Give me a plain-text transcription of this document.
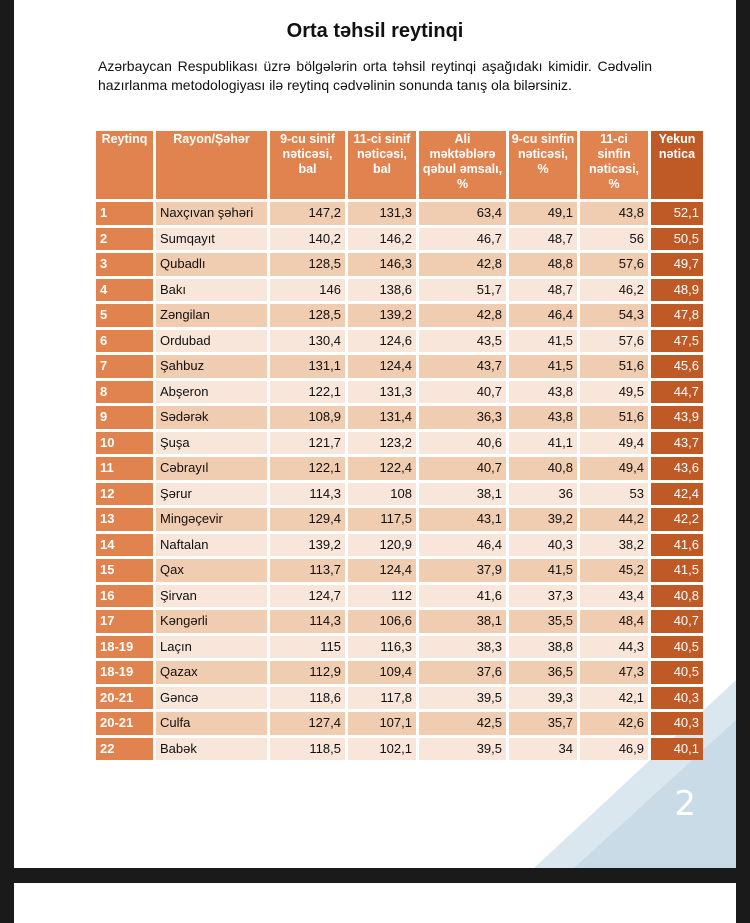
Orta təhsil reytinqi
Azərbaycan Respublikası üzrə bölgələrin orta təhsil reytinqi aşağıdakı kimidir. Cədvəlin hazırlanma metodologiyası ilə reytinq cədvəlinin sonunda tanış ola bilərsiniz.
Reytinq	Rayon/Şəhər	9-cu sinif nəticəsi, bal	11-ci sinif nəticəsi, bal	Ali məktəblərə qəbul əmsalı, %	9-cu sinfin nəticəsi, %	11-ci sinfin nəticəsi, %	Yekun nətica
1	Naxçıvan şəhəri	147,2	131,3	63,4	49,1	43,8	52,1
2	Sumqayıt	140,2	146,2	46,7	48,7	56	50,5
3	Qubadlı	128,5	146,3	42,8	48,8	57,6	49,7
4	Bakı	146	138,6	51,7	48,7	46,2	48,9
5	Zəngilan	128,5	139,2	42,8	46,4	54,3	47,8
6	Ordubad	130,4	124,6	43,5	41,5	57,6	47,5
7	Şahbuz	131,1	124,4	43,7	41,5	51,6	45,6
8	Abşeron	122,1	131,3	40,7	43,8	49,5	44,7
9	Sədərək	108,9	131,4	36,3	43,8	51,6	43,9
10	Şuşa	121,7	123,2	40,6	41,1	49,4	43,7
11	Cəbrayıl	122,1	122,4	40,7	40,8	49,4	43,6
12	Şərur	114,3	108	38,1	36	53	42,4
13	Mingəçevir	129,4	117,5	43,1	39,2	44,2	42,2
14	Naftalan	139,2	120,9	46,4	40,3	38,2	41,6
15	Qax	113,7	124,4	37,9	41,5	45,2	41,5
16	Şirvan	124,7	112	41,6	37,3	43,4	40,8
17	Kəngərli	114,3	106,6	38,1	35,5	48,4	40,7
18-19	Laçın	115	116,3	38,3	38,8	44,3	40,5
18-19	Qazax	112,9	109,4	37,6	36,5	47,3	40,5
20-21	Gəncə	118,6	117,8	39,5	39,3	42,1	40,3
20-21	Culfa	127,4	107,1	42,5	35,7	42,6	40,3
22	Babək	118,5	102,1	39,5	34	46,9	40,1
2
